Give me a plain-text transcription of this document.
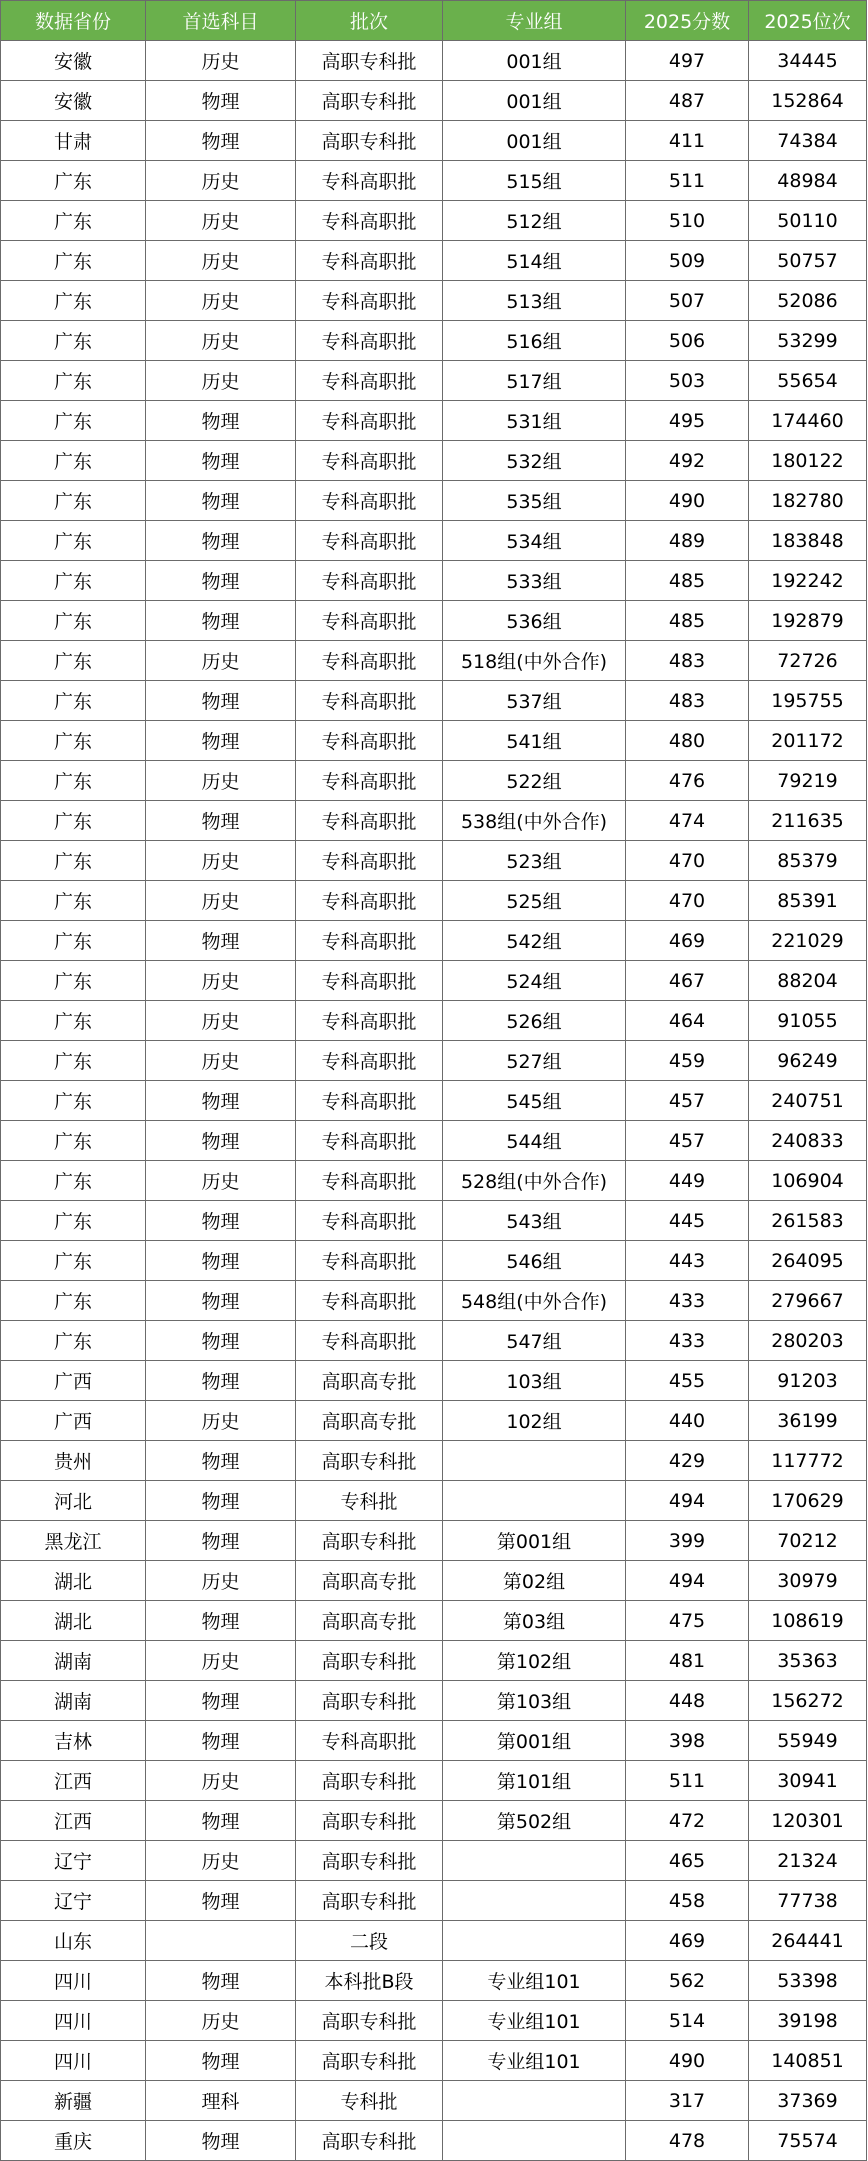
数据省份	首选科目	批次	专业组	2025分数	2025位次
安徽	历史	高职专科批	001组	497	34445
安徽	物理	高职专科批	001组	487	152864
甘肃	物理	高职专科批	001组	411	74384
广东	历史	专科高职批	515组	511	48984
广东	历史	专科高职批	512组	510	50110
广东	历史	专科高职批	514组	509	50757
广东	历史	专科高职批	513组	507	52086
广东	历史	专科高职批	516组	506	53299
广东	历史	专科高职批	517组	503	55654
广东	物理	专科高职批	531组	495	174460
广东	物理	专科高职批	532组	492	180122
广东	物理	专科高职批	535组	490	182780
广东	物理	专科高职批	534组	489	183848
广东	物理	专科高职批	533组	485	192242
广东	物理	专科高职批	536组	485	192879
广东	历史	专科高职批	518组(中外合作)	483	72726
广东	物理	专科高职批	537组	483	195755
广东	物理	专科高职批	541组	480	201172
广东	历史	专科高职批	522组	476	79219
广东	物理	专科高职批	538组(中外合作)	474	211635
广东	历史	专科高职批	523组	470	85379
广东	历史	专科高职批	525组	470	85391
广东	物理	专科高职批	542组	469	221029
广东	历史	专科高职批	524组	467	88204
广东	历史	专科高职批	526组	464	91055
广东	历史	专科高职批	527组	459	96249
广东	物理	专科高职批	545组	457	240751
广东	物理	专科高职批	544组	457	240833
广东	历史	专科高职批	528组(中外合作)	449	106904
广东	物理	专科高职批	543组	445	261583
广东	物理	专科高职批	546组	443	264095
广东	物理	专科高职批	548组(中外合作)	433	279667
广东	物理	专科高职批	547组	433	280203
广西	物理	高职高专批	103组	455	91203
广西	历史	高职高专批	102组	440	36199
贵州	物理	高职专科批		429	117772
河北	物理	专科批		494	170629
黑龙江	物理	高职专科批	第001组	399	70212
湖北	历史	高职高专批	第02组	494	30979
湖北	物理	高职高专批	第03组	475	108619
湖南	历史	高职专科批	第102组	481	35363
湖南	物理	高职专科批	第103组	448	156272
吉林	物理	专科高职批	第001组	398	55949
江西	历史	高职专科批	第101组	511	30941
江西	物理	高职专科批	第502组	472	120301
辽宁	历史	高职专科批		465	21324
辽宁	物理	高职专科批		458	77738
山东		二段		469	264441
四川	物理	本科批B段	专业组101	562	53398
四川	历史	高职专科批	专业组101	514	39198
四川	物理	高职专科批	专业组101	490	140851
新疆	理科	专科批		317	37369
重庆	物理	高职专科批		478	75574
